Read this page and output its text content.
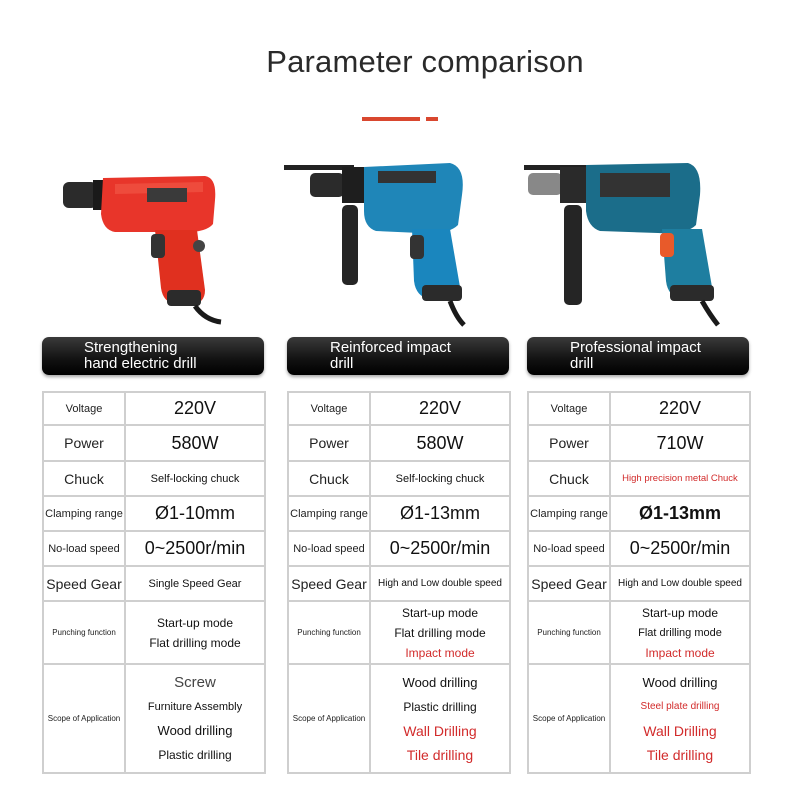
Parameter comparison
Strengthening
hand electric drill
Reinforced impact
drill
Professional impact
drill
Voltage	220V
Power	580W
Chuck	Self-locking chuck
Clamping range	Ø1-10mm
No-load speed	0~2500r/min
Speed Gear	Single Speed Gear
Punching function	Start-up mode
Flat drilling mode

Scope of Application	Screw
Furniture Assembly
Wood drilling
Plastic drilling
Voltage	220V
Power	580W
Chuck	Self-locking chuck
Clamping range	Ø1-13mm
No-load speed	0~2500r/min
Speed Gear	High and Low double speed
Punching function	Start-up mode
Flat drilling mode
Impact mode

Scope of Application	Wood drilling
Plastic drilling
Wall Drilling
Tile drilling
Voltage	220V
Power	710W
Chuck	High precision metal Chuck
Clamping range	Ø1-13mm
No-load speed	0~2500r/min
Speed Gear	High and Low double speed
Punching function	Start-up mode
Flat drilling mode
Impact mode

Scope of Application	Wood drilling
Steel plate drilling
Wall Drilling
Tile drilling
